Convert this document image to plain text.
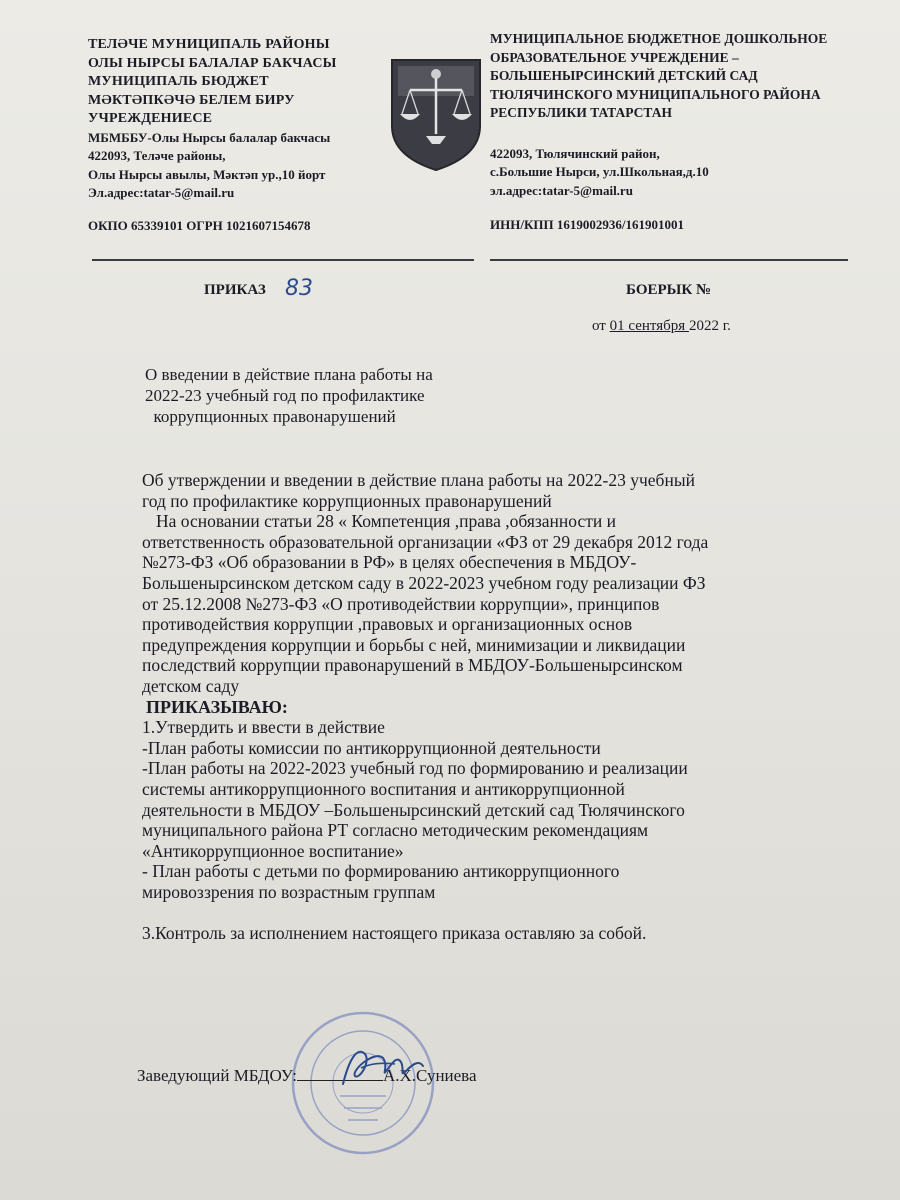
ТЕЛӘЧЕ МУНИЦИПАЛЬ РАЙОНЫ
ОЛЫ НЫРСЫ БАЛАЛАР БАКЧАСЫ
МУНИЦИПАЛЬ БЮДЖЕТ
МӘКТӘПКӘЧӘ БЕЛЕМ БИРУ
УЧРЕЖДЕНИЕСЕ
МБМББУ-Олы Нырсы балалар бакчасы
422093, Теләче районы,
Олы Нырсы авылы, Мәктәп ур.,10 йорт
Эл.адрес:tatar-5@mail.ru
ОКПО 65339101 ОГРН 1021607154678
МУНИЦИПАЛЬНОЕ БЮДЖЕТНОЕ ДОШКОЛЬНОЕ
ОБРАЗОВАТЕЛЬНОЕ УЧРЕЖДЕНИЕ –
БОЛЬШЕНЫРСИНСКИЙ ДЕТСКИЙ САД
ТЮЛЯЧИНСКОГО МУНИЦИПАЛЬНОГО РАЙОНА
РЕСПУБЛИКИ ТАТАРСТАН
422093, Тюлячинский район,
с.Большие Нырси, ул.Школьная,д.10
эл.адрес:tatar-5@mail.ru
ИНН/КПП 1619002936/161901001
ПРИКАЗ 83	БОЕРЫК №
от 01 сентября 2022 г.
О введении в действие плана работы на
2022-23 учебный год по профилактике
коррупционных правонарушений

Об утверждении и введении в действие плана работы на 2022-23 учебный

год по профилактике коррупционных правонарушений

На основании статьи 28 « Компетенция ,права ,обязанности и

ответственность образовательной организации «ФЗ от 29 декабря 2012 года

№273-ФЗ «Об образовании в РФ» в целях обеспечения в МБДОУ-

Большенырсинском детском саду в 2022-2023 учебном году реализации ФЗ

от 25.12.2008 №273-ФЗ «О противодействии коррупции», принципов

противодействия коррупции ,правовых и организационных основ

предупреждения коррупции и борьбы с ней, минимизации и ликвидации

последствий коррупции правонарушений в МБДОУ-Большенырсинском

детском саду

ПРИКАЗЫВАЮ:

1.Утвердить и ввести в действие

-План работы комиссии по антикоррупционной деятельности

-План работы на 2022-2023 учебный год по формированию и реализации

системы антикоррупционного воспитания и антикоррупционной

деятельности в МБДОУ –Большенырсинский детский сад Тюлячинского

муниципального района РТ согласно методическим рекомендациям

«Антикоррупционное воспитание»

- План работы с детьми по формированию антикоррупционного

мировоззрения по возрастным группам

3.Контроль за исполнением настоящего приказа оставляю за собой.

Заведующий МБДОУ:	А.Х.Суниева
